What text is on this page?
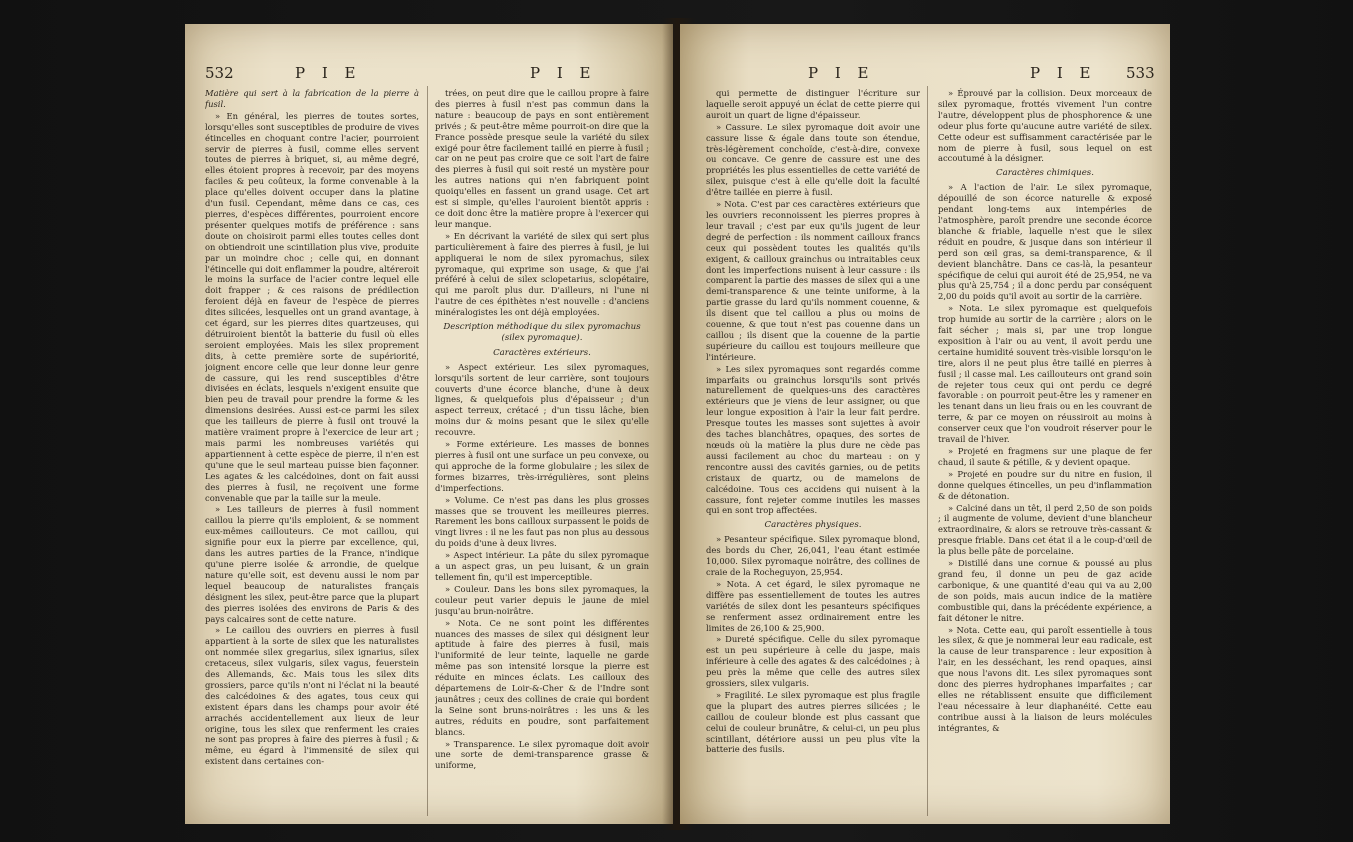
532	P I E	P I E

Matière qui sert à la fabrication de la pierre à fusil.

» En général, les pierres de toutes sortes, lorsqu'elles sont susceptibles de produire de vives étincelles en choquant contre l'acier, pourroient servir de pierres à fusil, comme elles servent toutes de pierres à briquet, si, au même degré, elles étoient propres à recevoir, par des moyens faciles & peu coûteux, la forme convenable à la place qu'elles doivent occuper dans la platine d'un fusil. Cependant, même dans ce cas, ces pierres, d'espèces différentes, pourroient encore présenter quelques motifs de préférence : sans doute on choisiroit parmi elles toutes celles dont on obtiendroit une scintillation plus vive, produite par un moindre choc ; celle qui, en donnant l'étincelle qui doit enflammer la poudre, altéreroit le moins la surface de l'acier contre lequel elle doit frapper ; & ces raisons de prédilection feroient déjà en faveur de l'espèce de pierres dites silicées, lesquelles ont un grand avantage, à cet égard, sur les pierres dites quartzeuses, qui détruiroient bientôt la batterie du fusil où elles seroient employées. Mais les silex proprement dits, à cette première sorte de supériorité, joignent encore celle que leur donne leur genre de cassure, qui les rend susceptibles d'être divisées en éclats, lesquels n'exigent ensuite que bien peu de travail pour prendre la forme & les dimensions desirées. Aussi est-ce parmi les silex que les tailleurs de pierre à fusil ont trouvé la matière vraiment propre à l'exercice de leur art ; mais parmi les nombreuses variétés qui appartiennent à cette espèce de pierre, il n'en est qu'une que le seul marteau puisse bien façonner. Les agates & les calcédoines, dont on fait aussi des pierres à fusil, ne reçoivent une forme convenable que par la taille sur la meule.

» Les tailleurs de pierres à fusil nomment caillou la pierre qu'ils emploient, & se nomment eux-mêmes caillouteurs. Ce mot caillou, qui signifie pour eux la pierre par excellence, qui, dans les autres parties de la France, n'indique qu'une pierre isolée & arrondie, de quelque nature qu'elle soit, est devenu aussi le nom par lequel beaucoup de naturalistes français désignent les silex, peut-être parce que la plupart des pierres isolées des environs de Paris & des pays calcaires sont de cette nature.

» Le caillou des ouvriers en pierres à fusil appartient à la sorte de silex que les naturalistes ont nommée silex gregarius, silex ignarius, silex cretaceus, silex vulgaris, silex vagus, feuerstein des Allemands, &c. Mais tous les silex dits grossiers, parce qu'ils n'ont ni l'éclat ni la beauté des calcédoines & des agates, tous ceux qui existent épars dans les champs pour avoir été arrachés accidentellement aux lieux de leur origine, tous les silex que renferment les craies ne sont pas propres à faire des pierres à fusil ; & même, eu égard à l'immensité de silex qui existent dans certaines con-

trées, on peut dire que le caillou propre à faire des pierres à fusil n'est pas commun dans la nature : beaucoup de pays en sont entièrement privés ; & peut-être même pourroit-on dire que la France possède presque seule la variété du silex exigé pour être facilement taillé en pierre à fusil ; car on ne peut pas croire que ce soit l'art de faire des pierres à fusil qui soit resté un mystère pour les autres nations qui n'en fabriquent point quoiqu'elles en fassent un grand usage. Cet art est si simple, qu'elles l'auroient bientôt appris : ce doit donc être la matière propre à l'exercer qui leur manque.

» En décrivant la variété de silex qui sert plus particulièrement à faire des pierres à fusil, je lui appliquerai le nom de silex pyromachus, silex pyromaque, qui exprime son usage, & que j'ai préféré à celui de silex sclopetarius, sclopétaire, qui me paroît plus dur. D'ailleurs, ni l'une ni l'autre de ces épithètes n'est nouvelle : d'anciens minéralogistes les ont déjà employées.

Description méthodique du silex pyromachus (silex pyromaque).
Caractères extérieurs.

» Aspect extérieur. Les silex pyromaques, lorsqu'ils sortent de leur carrière, sont toujours couverts d'une écorce blanche, d'une à deux lignes, & quelquefois plus d'épaisseur ; d'un aspect terreux, crétacé ; d'un tissu lâche, bien moins dur & moins pesant que le silex qu'elle recouvre.

» Forme extérieure. Les masses de bonnes pierres à fusil ont une surface un peu convexe, ou qui approche de la forme globulaire ; les silex de formes bizarres, très-irrégulières, sont pleins d'imperfections.

» Volume. Ce n'est pas dans les plus grosses masses que se trouvent les meilleures pierres. Rarement les bons cailloux surpassent le poids de vingt livres : il ne les faut pas non plus au dessous du poids d'une à deux livres.

» Aspect intérieur. La pâte du silex pyromaque a un aspect gras, un peu luisant, & un grain tellement fin, qu'il est imperceptible.

» Couleur. Dans les bons silex pyromaques, la couleur peut varier depuis le jaune de miel jusqu'au brun-noirâtre.

» Nota. Ce ne sont point les différentes nuances des masses de silex qui désignent leur aptitude à faire des pierres à fusil, mais l'uniformité de leur teinte, laquelle ne garde même pas son intensité lorsque la pierre est réduite en minces éclats. Les cailloux des départemens de Loir-&-Cher & de l'Indre sont jaunâtres ; ceux des collines de craie qui bordent la Seine sont bruns-noirâtres : les uns & les autres, réduits en poudre, sont parfaitement blancs.

» Transparence. Le silex pyromaque doit avoir une sorte de demi-transparence grasse & uniforme,

P I E	P I E 533

qui permette de distinguer l'écriture sur laquelle seroit appuyé un éclat de cette pierre qui auroit un quart de ligne d'épaisseur.

» Cassure. Le silex pyromaque doit avoir une cassure lisse & égale dans toute son étendue, très-légèrement conchoïde, c'est-à-dire, convexe ou concave. Ce genre de cassure est une des propriétés les plus essentielles de cette variété de silex, puisque c'est à elle qu'elle doit la faculté d'être taillée en pierre à fusil.

» Nota. C'est par ces caractères extérieurs que les ouvriers reconnoissent les pierres propres à leur travail ; c'est par eux qu'ils jugent de leur degré de perfection : ils nomment cailloux francs ceux qui possèdent toutes les qualités qu'ils exigent, & cailloux grainchus ou intraitables ceux dont les imperfections nuisent à leur cassure : ils comparent la partie des masses de silex qui a une demi-transparence & une teinte uniforme, à la partie grasse du lard qu'ils nomment couenne, & ils disent que tel caillou a plus ou moins de couenne, & que tout n'est pas couenne dans un caillou ; ils disent que la couenne de la partie supérieure du caillou est toujours meilleure que l'intérieure.

» Les silex pyromaques sont regardés comme imparfaits ou grainchus lorsqu'ils sont privés naturellement de quelques-uns des caractères extérieurs que je viens de leur assigner, ou que leur longue exposition à l'air la leur fait perdre. Presque toutes les masses sont sujettes à avoir des taches blanchâtres, opaques, des sortes de nœuds où la matière la plus dure ne cède pas aussi facilement au choc du marteau : on y rencontre aussi des cavités garnies, ou de petits cristaux de quartz, ou de mamelons de calcédoine. Tous ces accidens qui nuisent à la cassure, font rejeter comme inutiles les masses qui en sont trop affectées.

Caractères physiques.

» Pesanteur spécifique. Silex pyromaque blond, des bords du Cher, 26,041, l'eau étant estimée 10,000. Silex pyromaque noirâtre, des collines de craie de la Rocheguyon, 25,954.

» Nota. A cet égard, le silex pyromaque ne diffère pas essentiellement de toutes les autres variétés de silex dont les pesanteurs spécifiques se renferment assez ordinairement entre les limites de 26,100 & 25,900.

» Dureté spécifique. Celle du silex pyromaque est un peu supérieure à celle du jaspe, mais inférieure à celle des agates & des calcédoines ; à peu près la même que celle des autres silex grossiers, silex vulgaris.

» Fragilité. Le silex pyromaque est plus fragile que la plupart des autres pierres silicées ; le caillou de couleur blonde est plus cassant que celui de couleur brunâtre, & celui-ci, un peu plus scintillant, détériore aussi un peu plus vîte la batterie des fusils.

» Éprouvé par la collision. Deux morceaux de silex pyromaque, frottés vivement l'un contre l'autre, développent plus de phosphorence & une odeur plus forte qu'aucune autre variété de silex. Cette odeur est suffisamment caractérisée par le nom de pierre à fusil, sous lequel on est accoutumé à la désigner.

Caractères chimiques.

» A l'action de l'air. Le silex pyromaque, dépouillé de son écorce naturelle & exposé pendant long-tems aux intempéries de l'atmosphère, paroît prendre une seconde écorce blanche & friable, laquelle n'est que le silex réduit en poudre, & jusque dans son intérieur il perd son œil gras, sa demi-transparence, & il devient blanchâtre. Dans ce cas-là, la pesanteur spécifique de celui qui auroit été de 25,954, ne va plus qu'à 25,754 ; il a donc perdu par conséquent 2,00 du poids qu'il avoit au sortir de la carrière.

» Nota. Le silex pyromaque est quelquefois trop humide au sortir de la carrière ; alors on le fait sécher ; mais si, par une trop longue exposition à l'air ou au vent, il avoit perdu une certaine humidité souvent très-visible lorsqu'on le tire, alors il ne peut plus être taillé en pierres à fusil ; il casse mal. Les caillouteurs ont grand soin de rejeter tous ceux qui ont perdu ce degré favorable : on pourroit peut-être les y ramener en les tenant dans un lieu frais ou en les couvrant de terre, & par ce moyen on réussiroit au moins à conserver ceux que l'on voudroit réserver pour le travail de l'hiver.

» Projeté en fragmens sur une plaque de fer chaud, il saute & pétille, & y devient opaque.

» Projeté en poudre sur du nitre en fusion, il donne quelques étincelles, un peu d'inflammation & de détonation.

» Calciné dans un têt, il perd 2,50 de son poids ; il augmente de volume, devient d'une blancheur extraordinaire, & alors se retrouve très-cassant & presque friable. Dans cet état il a le coup-d'œil de la plus belle pâte de porcelaine.

» Distillé dans une cornue & poussé au plus grand feu, il donne un peu de gaz acide carbonique, & une quantité d'eau qui va au 2,00 de son poids, mais aucun indice de la matière combustible qui, dans la précédente expérience, a fait détoner le nitre.

» Nota. Cette eau, qui paroît essentielle à tous les silex, & que je nommerai leur eau radicale, est la cause de leur transparence : leur exposition à l'air, en les desséchant, les rend opaques, ainsi que nous l'avons dit. Les silex pyromaques sont donc des pierres hydrophanes imparfaites ; car elles ne rétablissent ensuite que difficilement l'eau nécessaire à leur diaphanéité. Cette eau contribue aussi à la liaison de leurs molécules intégrantes, &
